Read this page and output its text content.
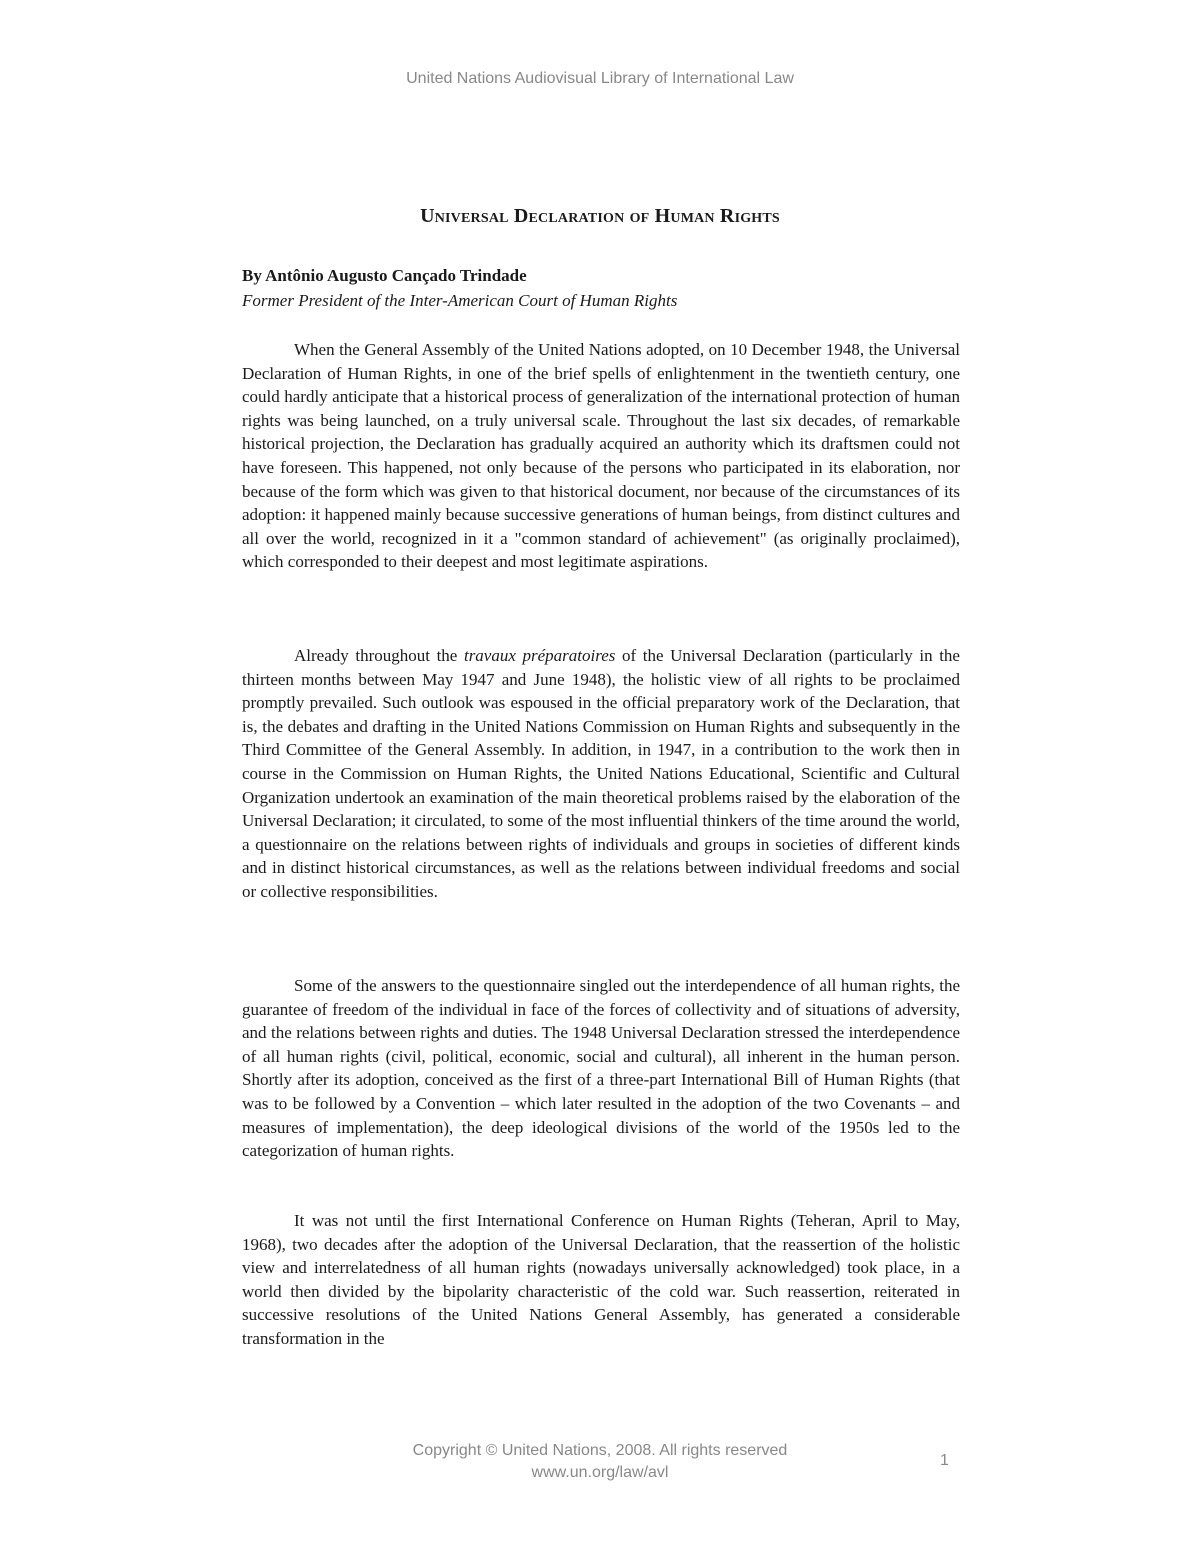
United Nations Audiovisual Library of International Law
Universal Declaration of Human Rights
By Antônio Augusto Cançado Trindade
Former President of the Inter-American Court of Human Rights

When the General Assembly of the United Nations adopted, on 10 December 1948, the Universal Declaration of Human Rights, in one of the brief spells of enlightenment in the twentieth century, one could hardly anticipate that a historical process of generalization of the international protection of human rights was being launched, on a truly universal scale. Throughout the last six decades, of remarkable historical projection, the Declaration has gradually acquired an authority which its draftsmen could not have foreseen. This happened, not only because of the persons who participated in its elaboration, nor because of the form which was given to that historical document, nor because of the circumstances of its adoption: it happened mainly because successive generations of human beings, from distinct cultures and all over the world, recognized in it a "common standard of achievement" (as originally proclaimed), which corresponded to their deepest and most legitimate aspirations.

Already throughout the travaux préparatoires of the Universal Declaration (particularly in the thirteen months between May 1947 and June 1948), the holistic view of all rights to be proclaimed promptly prevailed. Such outlook was espoused in the official preparatory work of the Declaration, that is, the debates and drafting in the United Nations Commission on Human Rights and subsequently in the Third Committee of the General Assembly. In addition, in 1947, in a contribution to the work then in course in the Commission on Human Rights, the United Nations Educational, Scientific and Cultural Organization undertook an examination of the main theoretical problems raised by the elaboration of the Universal Declaration; it circulated, to some of the most influential thinkers of the time around the world, a questionnaire on the relations between rights of individuals and groups in societies of different kinds and in distinct historical circumstances, as well as the relations between individual freedoms and social or collective responsibilities.

Some of the answers to the questionnaire singled out the interdependence of all human rights, the guarantee of freedom of the individual in face of the forces of collectivity and of situations of adversity, and the relations between rights and duties. The 1948 Universal Declaration stressed the interdependence of all human rights (civil, political, economic, social and cultural), all inherent in the human person. Shortly after its adoption, conceived as the first of a three-part International Bill of Human Rights (that was to be followed by a Convention – which later resulted in the adoption of the two Covenants – and measures of implementation), the deep ideological divisions of the world of the 1950s led to the categorization of human rights.

It was not until the first International Conference on Human Rights (Teheran, April to May, 1968), two decades after the adoption of the Universal Declaration, that the reassertion of the holistic view and interrelatedness of all human rights (nowadays universally acknowledged) took place, in a world then divided by the bipolarity characteristic of the cold war. Such reassertion, reiterated in successive resolutions of the United Nations General Assembly, has generated a considerable transformation in the

Copyright © United Nations, 2008. All rights reserved
www.un.org/law/avl
1
